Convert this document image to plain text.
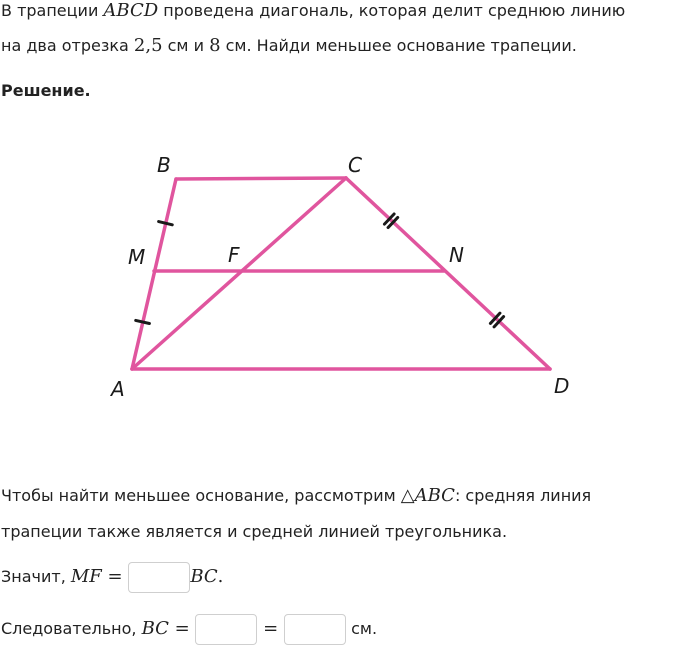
В трапеции ABCD проведена диагональ, которая делит среднюю линию
на два отрезка 2,5 см и 8 см. Найди меньшее основание трапеции.
Решение.
B	C
M	F	N
A	D
Чтобы найти меньшее основание, рассмотрим △ABC: средняя линия
трапеции также является и средней линией треугольника.
Значит, MF =	BC.
Следовательно, BC =	=	см.
